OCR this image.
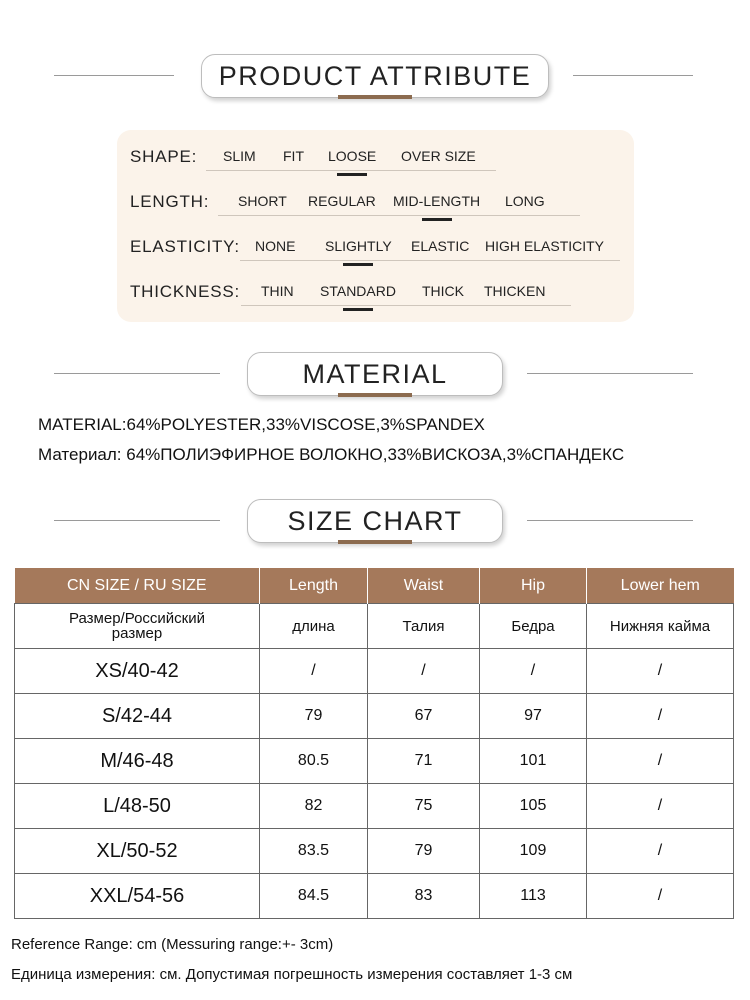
PRODUCT ATTRIBUTE
SHAPE: SLIM FIT LOOSE OVER SIZE
LENGTH: SHORT REGULAR MID-LENGTH LONG
ELASTICITY: NONE SLIGHTLY ELASTIC HIGH ELASTICITY
THICKNESS: THIN STANDARD THICK THICKEN
MATERIAL
MATERIAL:64%POLYESTER,33%VISCOSE,3%SPANDEX
Материал: 64%ПОЛИЭФИРНОЕ ВОЛОКНО,33%ВИСКОЗА,3%СПАНДЕКС
SIZE CHART
CN SIZE / RU SIZE	Length	Waist	Hip	Lower hem
Размер/Российский размер	длина	Талия	Бедра	Нижняя кайма
XS/40-42	/	/	/	/
S/42-44	79	67	97	/
M/46-48	80.5	71	101	/
L/48-50	82	75	105	/
XL/50-52	83.5	79	109	/
XXL/54-56	84.5	83	113	/
Reference Range: cm (Messuring range:+- 3cm)
Единица измерения: см. Допустимая погрешность измерения составляет 1-3 см
